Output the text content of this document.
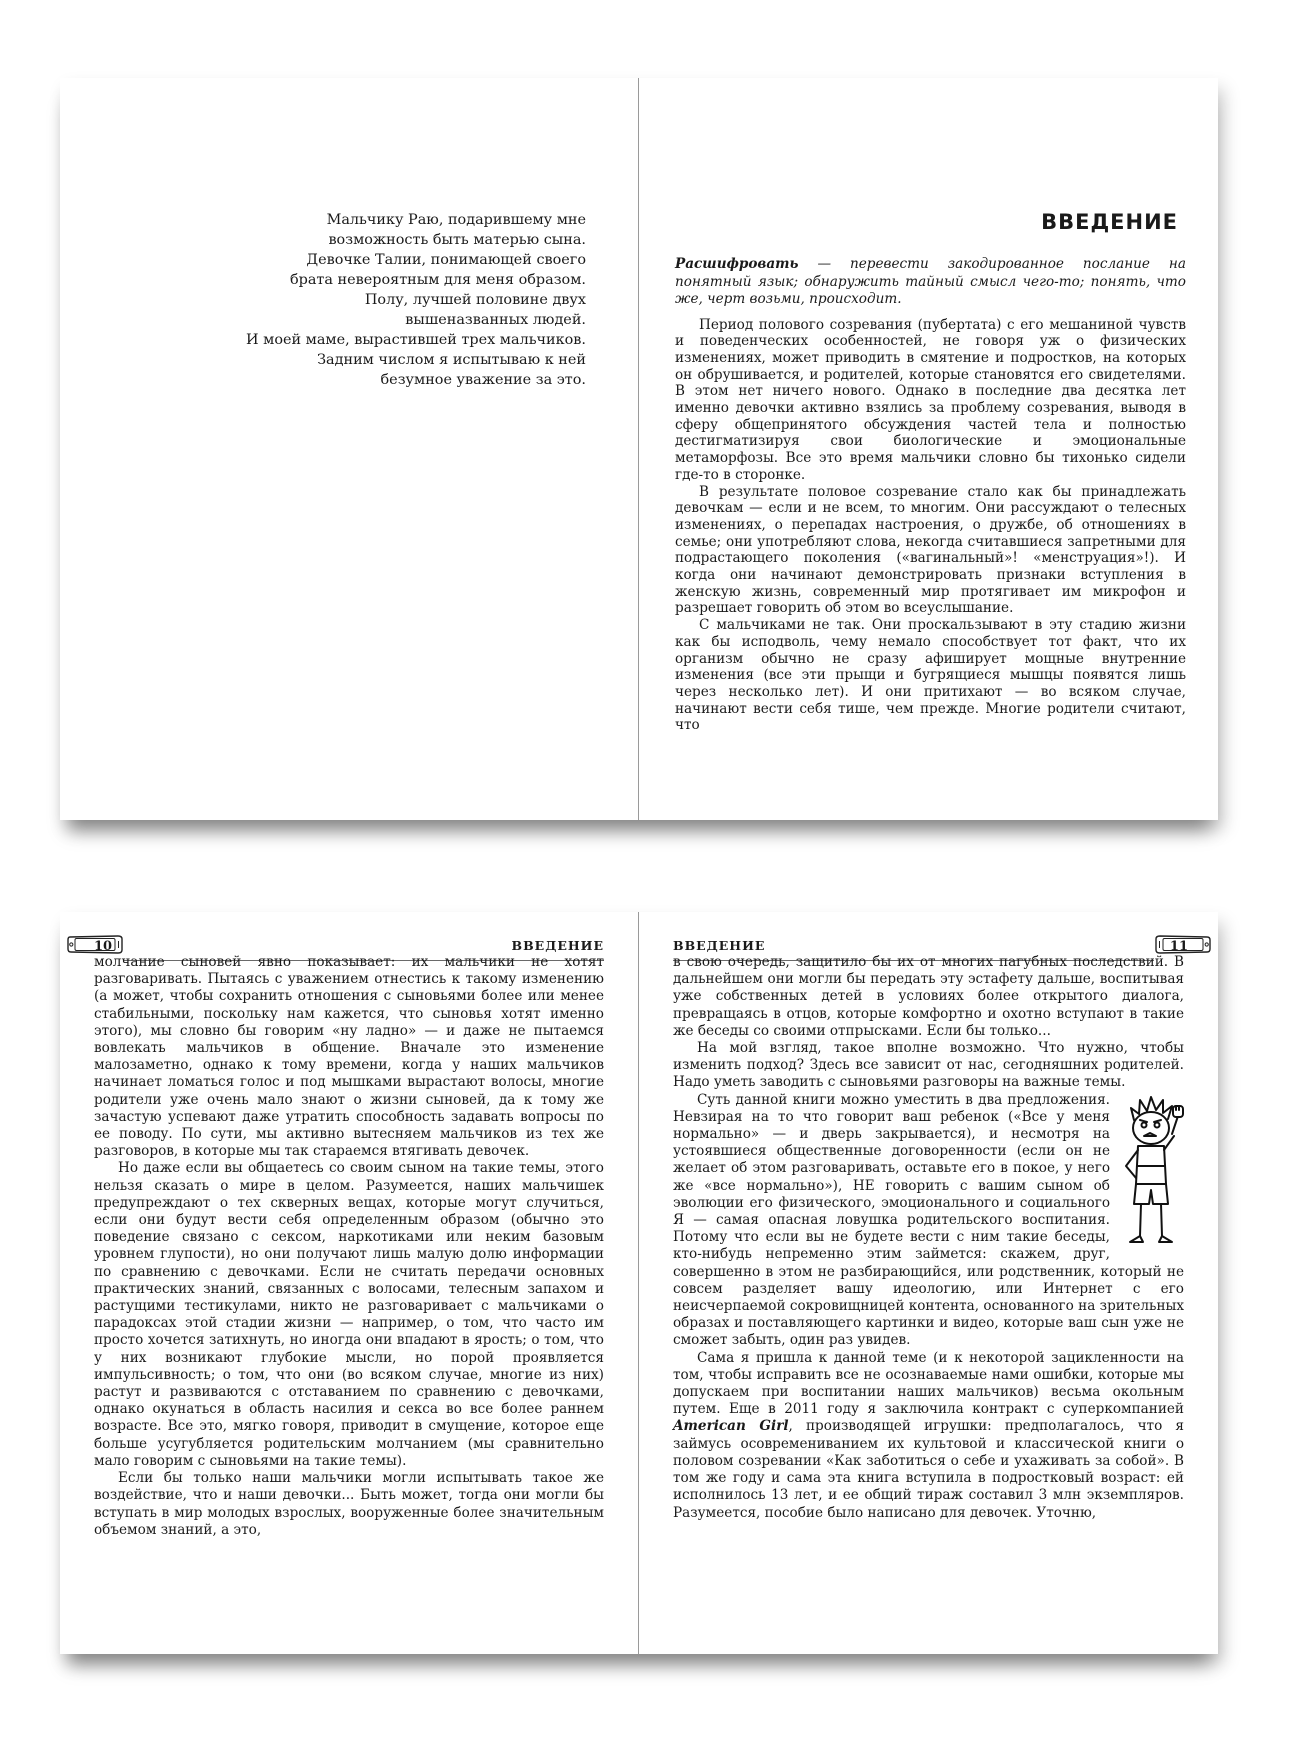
Мальчику Раю, подарившему мне

возможность быть матерью сына.

Девочке Талии, понимающей своего

брата невероятным для меня образом.

Полу, лучшей половине двух

вышеназванных людей.

И моей маме, вырастившей трех мальчиков.

Задним числом я испытываю к ней

безумное уважение за это.

ВВЕДЕНИЕ

Расшифровать — перевести закодированное послание на понятный язык; обнаружить тайный смысл чего-то; понять, что же, черт возьми, происходит.

Период полового созревания (пубертата) с его мешаниной чувств и поведенческих особенностей, не говоря уж о физических изменениях, может приводить в смятение и подростков, на которых он обрушивается, и родителей, которые становятся его свидетелями. В этом нет ничего нового. Однако в последние два десятка лет именно девочки активно взялись за проблему созревания, выводя в сферу общепринятого обсуждения частей тела и полностью дестигматизируя свои биологические и эмоциональные метаморфозы. Все это время мальчики словно бы тихонько сидели где-то в сторонке.

В результате половое созревание стало как бы принадлежать девочкам — если и не всем, то многим. Они рассуждают о телесных изменениях, о перепадах настроения, о дружбе, об отношениях в семье; они употребляют слова, некогда считавшиеся запретными для подрастающего поколения («вагинальный»! «менструация»!). И когда они начинают демонстрировать признаки вступления в женскую жизнь, современный мир протягивает им микрофон и разрешает говорить об этом во всеуслышание.

С мальчиками не так. Они проскальзывают в эту стадию жизни как бы исподволь, чему немало способствует тот факт, что их организм обычно не сразу афиширует мощные внутренние изменения (все эти прыщи и бугрящиеся мышцы появятся лишь через несколько лет). И они притихают — во всяком случае, начинают вести себя тише, чем прежде. Многие родители считают, что

10	ВВЕДЕНИЕ

молчание сыновей явно показывает: их мальчики не хотят разговаривать. Пытаясь с уважением отнестись к такому изменению (а может, чтобы сохранить отношения с сыновьями более или менее стабильными, поскольку нам кажется, что сыновья хотят именно этого), мы словно бы говорим «ну ладно» — и даже не пытаемся вовлекать мальчиков в общение. Вначале это изменение малозаметно, однако к тому времени, когда у наших мальчиков начинает ломаться голос и под мышками вырастают волосы, многие родители уже очень мало знают о жизни сыновей, да к тому же зачастую успевают даже утратить способность задавать вопросы по ее поводу. По сути, мы активно вытесняем мальчиков из тех же разговоров, в которые мы так стараемся втягивать девочек.

Но даже если вы общаетесь со своим сыном на такие темы, этого нельзя сказать о мире в целом. Разумеется, наших мальчишек предупреждают о тех скверных вещах, которые могут случиться, если они будут вести себя определенным образом (обычно это поведение связано с сексом, наркотиками или неким базовым уровнем глупости), но они получают лишь малую долю информации по сравнению с девочками. Если не считать передачи основных практических знаний, связанных с волосами, телесным запахом и растущими тестикулами, никто не разговаривает с мальчиками о парадоксах этой стадии жизни — например, о том, что часто им просто хочется затихнуть, но иногда они впадают в ярость; о том, что у них возникают глубокие мысли, но порой проявляется импульсивность; о том, что они (во всяком случае, многие из них) растут и развиваются с отставанием по сравнению с девочками, однако окунаться в область насилия и секса во все более раннем возрасте. Все это, мягко говоря, приводит в смущение, которое еще больше усугубляется родительским молчанием (мы сравнительно мало говорим с сыновьями на такие темы).

Если бы только наши мальчики могли испытывать такое же воздействие, что и наши девочки... Быть может, тогда они могли бы вступать в мир молодых взрослых, вооруженные более значительным объемом знаний, а это,

ВВЕДЕНИЕ	11

в свою очередь, защитило бы их от многих пагубных последствий. В дальнейшем они могли бы передать эту эстафету дальше, воспитывая уже собственных детей в условиях более открытого диалога, превращаясь в отцов, которые комфортно и охотно вступают в такие же беседы со своими отпрысками. Если бы только...

На мой взгляд, такое вполне возможно. Что нужно, чтобы изменить подход? Здесь все зависит от нас, сегодняшних родителей. Надо уметь заводить с сыновьями разговоры на важные темы.

Суть данной книги можно уместить в два предложения. Невзирая на то что говорит ваш ребенок («Все у меня нормально» — и дверь закрывается), и несмотря на устоявшиеся общественные договоренности (если он не желает об этом разговаривать, оставьте его в покое, у него же «все нормально»), НЕ говорить с вашим сыном об эволюции его физического, эмоционального и социального Я — самая опасная ловушка родительского воспитания. Потому что если вы не будете вести с ним такие беседы, кто-нибудь непременно этим займется: скажем, друг, совершенно в этом не разбирающийся, или родственник, который не совсем разделяет вашу идеологию, или Интернет с его неисчерпаемой сокровищницей контента, основанного на зрительных образах и поставляющего картинки и видео, которые ваш сын уже не сможет забыть, один раз увидев.

Сама я пришла к данной теме (и к некоторой зацикленности на том, чтобы исправить все не осознаваемые нами ошибки, которые мы допускаем при воспитании наших мальчиков) весьма окольным путем. Еще в 2011 году я заключила контракт с суперкомпанией American Girl, производящей игрушки: предполагалось, что я займусь осовремениванием их культовой и классической книги о половом созревании «Как заботиться о себе и ухаживать за собой». В том же году и сама эта книга вступила в подростковый возраст: ей исполнилось 13 лет, и ее общий тираж составил 3 млн экземпляров. Разумеется, пособие было написано для девочек. Уточню,
